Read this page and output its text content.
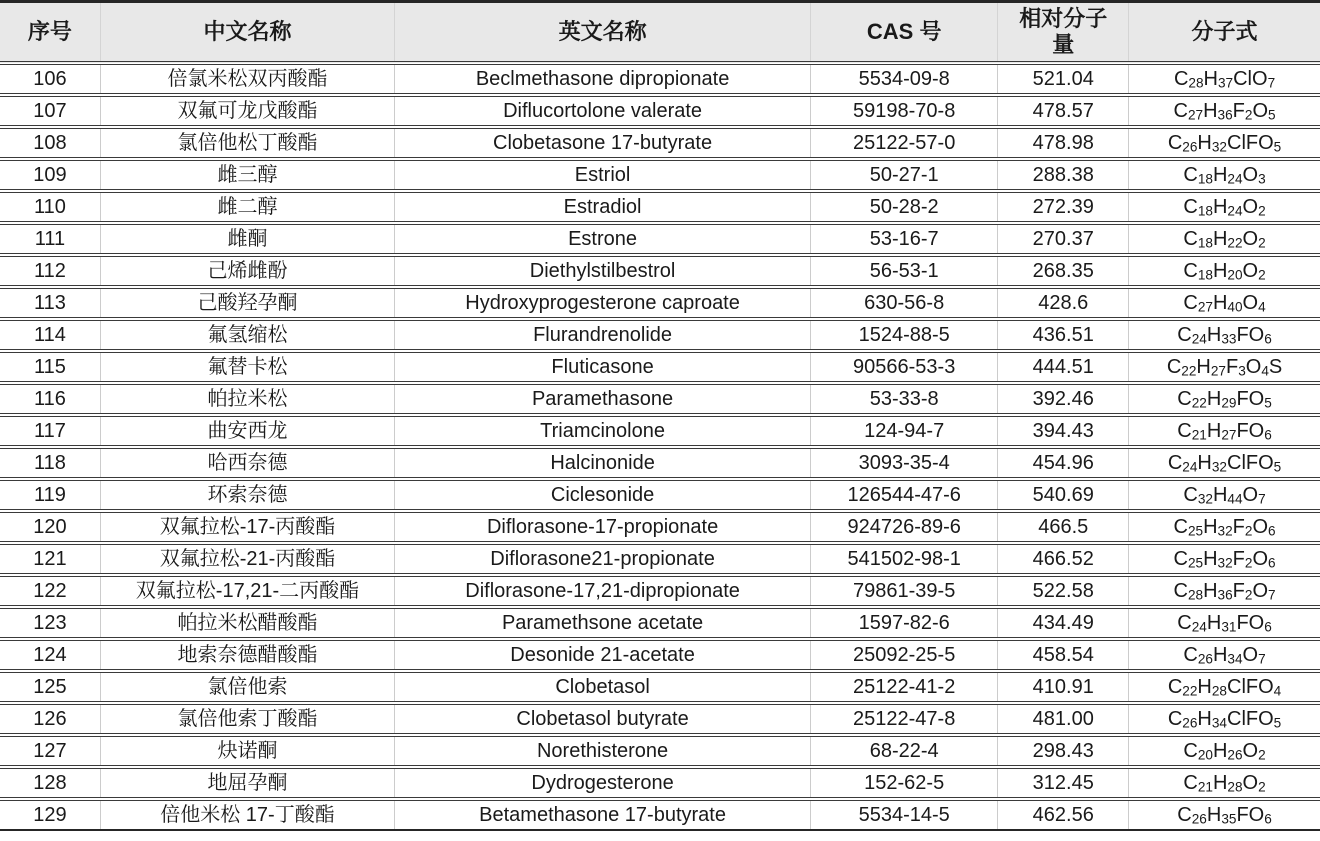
序号	中文名称	英文名称	CAS 号	相对分子量	分子式
106	倍氯米松双丙酸酯	Beclmethasone dipropionate	5534-09-8	521.04	$C_{28}H_{37}ClO_7$
107	双氟可龙戊酸酯	Diflucortolone valerate	59198-70-8	478.57	$C_{27}H_{36}F_2O_5$
108	氯倍他松丁酸酯	Clobetasone 17-butyrate	25122-57-0	478.98	$C_{26}H_{32}ClFO_5$
109	雌三醇	Estriol	50-27-1	288.38	$C_{18}H_{24}O_3$
110	雌二醇	Estradiol	50-28-2	272.39	$C_{18}H_{24}O_2$
111	雌酮	Estrone	53-16-7	270.37	$C_{18}H_{22}O_2$
112	己烯雌酚	Diethylstilbestrol	56-53-1	268.35	$C_{18}H_{20}O_2$
113	己酸羟孕酮	Hydroxyprogesterone caproate	630-56-8	428.6	$C_{27}H_{40}O_4$
114	氟氢缩松	Flurandrenolide	1524-88-5	436.51	$C_{24}H_{33}FO_6$
115	氟替卡松	Fluticasone	90566-53-3	444.51	$C_{22}H_{27}F_3O_4S$
116	帕拉米松	Paramethasone	53-33-8	392.46	$C_{22}H_{29}FO_5$
117	曲安西龙	Triamcinolone	124-94-7	394.43	$C_{21}H_{27}FO_6$
118	哈西奈德	Halcinonide	3093-35-4	454.96	$C_{24}H_{32}ClFO_5$
119	环索奈德	Ciclesonide	126544-47-6	540.69	$C_{32}H_{44}O_7$
120	双氟拉松-17-丙酸酯	Diflorasone-17-propionate	924726-89-6	466.5	$C_{25}H_{32}F_2O_6$
121	双氟拉松-21-丙酸酯	Diflorasone21-propionate	541502-98-1	466.52	$C_{25}H_{32}F_2O_6$
122	双氟拉松-17,21-二丙酸酯	Diflorasone-17,21-dipropionate	79861-39-5	522.58	$C_{28}H_{36}F_2O_7$
123	帕拉米松醋酸酯	Paramethsone acetate	1597-82-6	434.49	$C_{24}H_{31}FO_6$
124	地索奈德醋酸酯	Desonide 21-acetate	25092-25-5	458.54	$C_{26}H_{34}O_7$
125	氯倍他索	Clobetasol	25122-41-2	410.91	$C_{22}H_{28}ClFO_4$
126	氯倍他索丁酸酯	Clobetasol butyrate	25122-47-8	481.00	$C_{26}H_{34}ClFO_5$
127	炔诺酮	Norethisterone	68-22-4	298.43	$C_{20}H_{26}O_2$
128	地屈孕酮	Dydrogesterone	152-62-5	312.45	$C_{21}H_{28}O_2$
129	倍他米松 17-丁酸酯	Betamethasone 17-butyrate	5534-14-5	462.56	$C_{26}H_{35}FO_6$
